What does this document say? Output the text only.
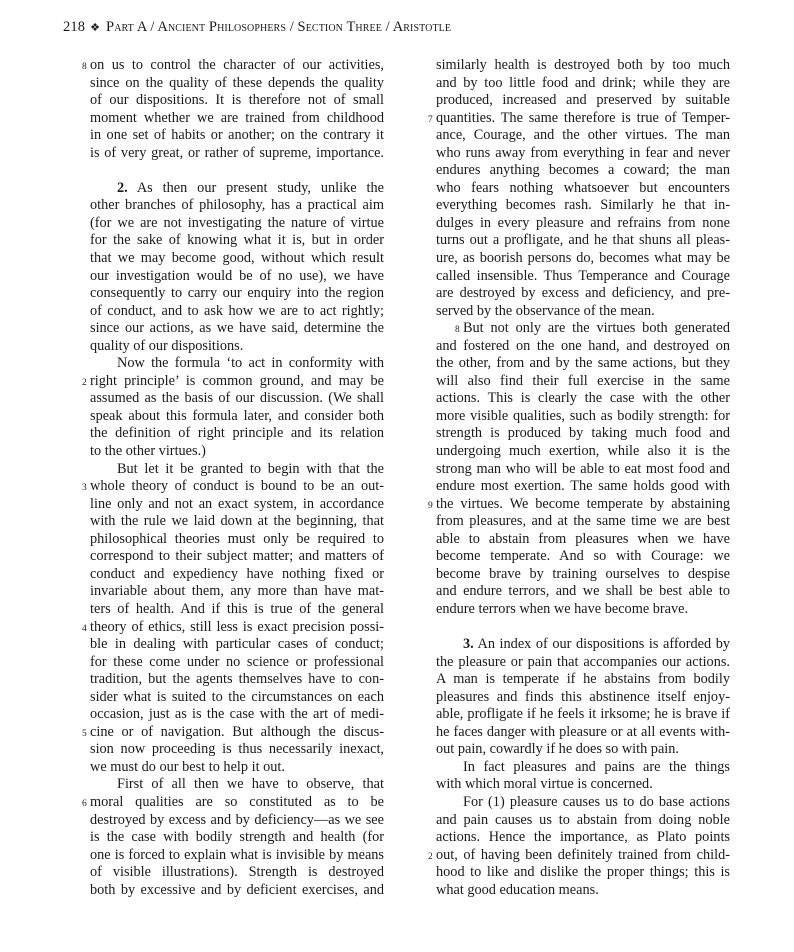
218 ❖ Part A / Ancient Philosophers / Section Three / Aristotle
8 on us to control the character of our activities,
since on the quality of these depends the quality
of our dispositions. It is therefore not of small
moment whether we are trained from childhood
in one set of habits or another; on the contrary it
is of very great, or rather of supreme, importance.
2. As then our present study, unlike the
other branches of philosophy, has a practical aim
(for we are not investigating the nature of virtue
for the sake of knowing what it is, but in order
that we may become good, without which result
our investigation would be of no use), we have
consequently to carry our enquiry into the region
of conduct, and to ask how we are to act rightly;
since our actions, as we have said, determine the
quality of our dispositions.
Now the formula ‘to act in conformity with
2 right principle’ is common ground, and may be
assumed as the basis of our discussion. (We shall
speak about this formula later, and consider both
the definition of right principle and its relation
to the other virtues.)
But let it be granted to begin with that the
3 whole theory of conduct is bound to be an out-
line only and not an exact system, in accordance
with the rule we laid down at the beginning, that
philosophical theories must only be required to
correspond to their subject matter; and matters of
conduct and expediency have nothing fixed or
invariable about them, any more than have mat-
ters of health. And if this is true of the general
4 theory of ethics, still less is exact precision possi-
ble in dealing with particular cases of conduct;
for these come under no science or professional
tradition, but the agents themselves have to con-
sider what is suited to the circumstances on each
occasion, just as is the case with the art of medi-
5 cine or of navigation. But although the discus-
sion now proceeding is thus necessarily inexact,
we must do our best to help it out.
First of all then we have to observe, that
6 moral qualities are so constituted as to be
destroyed by excess and by deficiency—as we see
is the case with bodily strength and health (for
one is forced to explain what is invisible by means
of visible illustrations). Strength is destroyed
both by excessive and by deficient exercises, and
similarly health is destroyed both by too much
and by too little food and drink; while they are
produced, increased and preserved by suitable
7 quantities. The same therefore is true of Temper-
ance, Courage, and the other virtues. The man
who runs away from everything in fear and never
endures anything becomes a coward; the man
who fears nothing whatsoever but encounters
everything becomes rash. Similarly he that in-
dulges in every pleasure and refrains from none
turns out a profligate, and he that shuns all pleas-
ure, as boorish persons do, becomes what may be
called insensible. Thus Temperance and Courage
are destroyed by excess and deficiency, and pre-
served by the observance of the mean.
8 But not only are the virtues both generated
and fostered on the one hand, and destroyed on
the other, from and by the same actions, but they
will also find their full exercise in the same
actions. This is clearly the case with the other
more visible qualities, such as bodily strength: for
strength is produced by taking much food and
undergoing much exertion, while also it is the
strong man who will be able to eat most food and
endure most exertion. The same holds good with
9 the virtues. We become temperate by abstaining
from pleasures, and at the same time we are best
able to abstain from pleasures when we have
become temperate. And so with Courage: we
become brave by training ourselves to despise
and endure terrors, and we shall be best able to
endure terrors when we have become brave.
3. An index of our dispositions is afforded by
the pleasure or pain that accompanies our actions.
A man is temperate if he abstains from bodily
pleasures and finds this abstinence itself enjoy-
able, profligate if he feels it irksome; he is brave if
he faces danger with pleasure or at all events with-
out pain, cowardly if he does so with pain.
In fact pleasures and pains are the things
with which moral virtue is concerned.
For (1) pleasure causes us to do base actions
and pain causes us to abstain from doing noble
actions. Hence the importance, as Plato points
2 out, of having been definitely trained from child-
hood to like and dislike the proper things; this is
what good education means.
